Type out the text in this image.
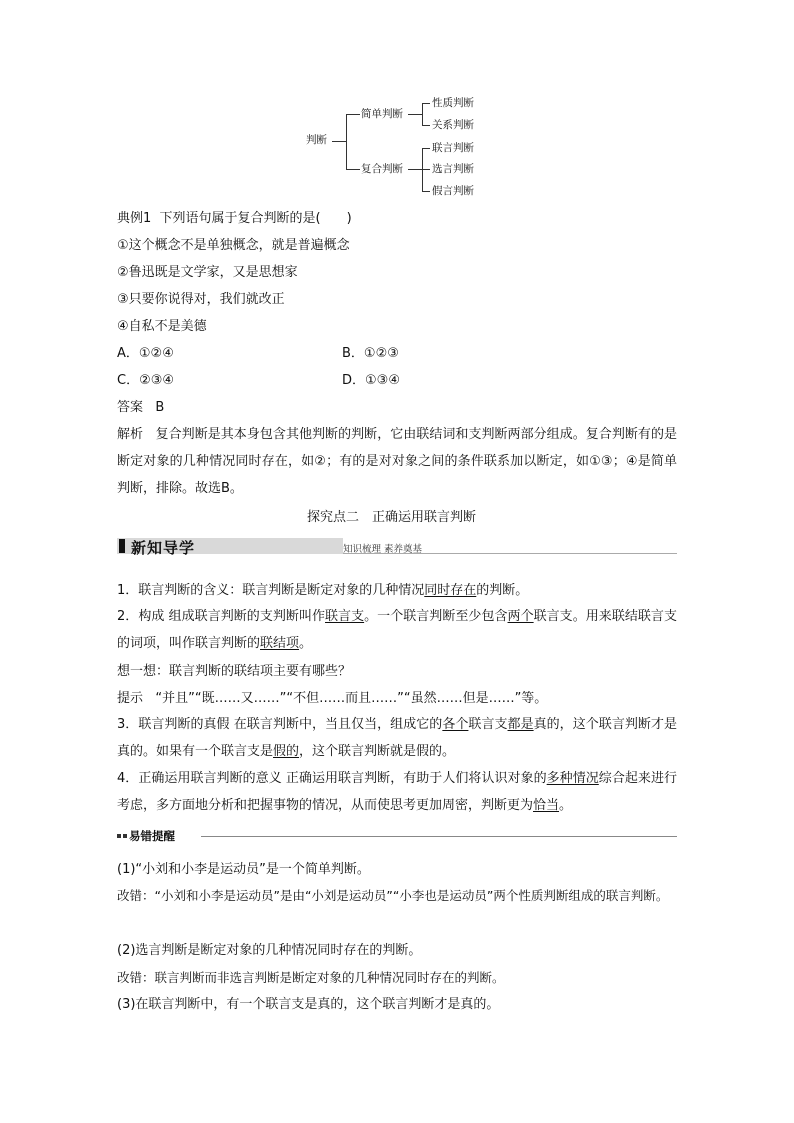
判断
简单判断
复合判断
性质判断
关系判断
联言判断
选言判断
假言判断
典例1 下列语句属于复合判断的是(　　)
①这个概念不是单独概念，就是普遍概念
②鲁迅既是文学家，又是思想家
③只要你说得对，我们就改正
④自私不是美德
A．①②④	B．①②③
C．②③④	D．①③④
答案 B
解析 复合判断是其本身包含其他判断的判断，它由联结词和支判断两部分组成。复合判断有的是断定对象的几种情况同时存在，如②；有的是对对象之间的条件联系加以断定，如①③；④是简单判断，排除。故选B。
探究点二　正确运用联言判断
新知导学	知识梳理 素养奠基
1．联言判断的含义：联言判断是断定对象的几种情况同时存在的判断。
2．构成 组成联言判断的支判断叫作联言支。一个联言判断至少包含两个联言支。用来联结联言支的词项，叫作联言判断的联结项。
想一想：联言判断的联结项主要有哪些？
提示 “并且”“既……又……”“不但……而且……”“虽然……但是……”等。
3．联言判断的真假 在联言判断中，当且仅当，组成它的各个联言支都是真的，这个联言判断才是真的。如果有一个联言支是假的，这个联言判断就是假的。
4．正确运用联言判断的意义 正确运用联言判断，有助于人们将认识对象的多种情况综合起来进行考虑，多方面地分析和把握事物的情况，从而使思考更加周密，判断更为恰当。
易错提醒
(1)“小刘和小李是运动员”是一个简单判断。
改错：“小刘和小李是运动员”是由“小刘是运动员”“小李也是运动员”两个性质判断组成的联言判断。
(2)选言判断是断定对象的几种情况同时存在的判断。
改错：联言判断而非选言判断是断定对象的几种情况同时存在的判断。
(3)在联言判断中，有一个联言支是真的，这个联言判断才是真的。
